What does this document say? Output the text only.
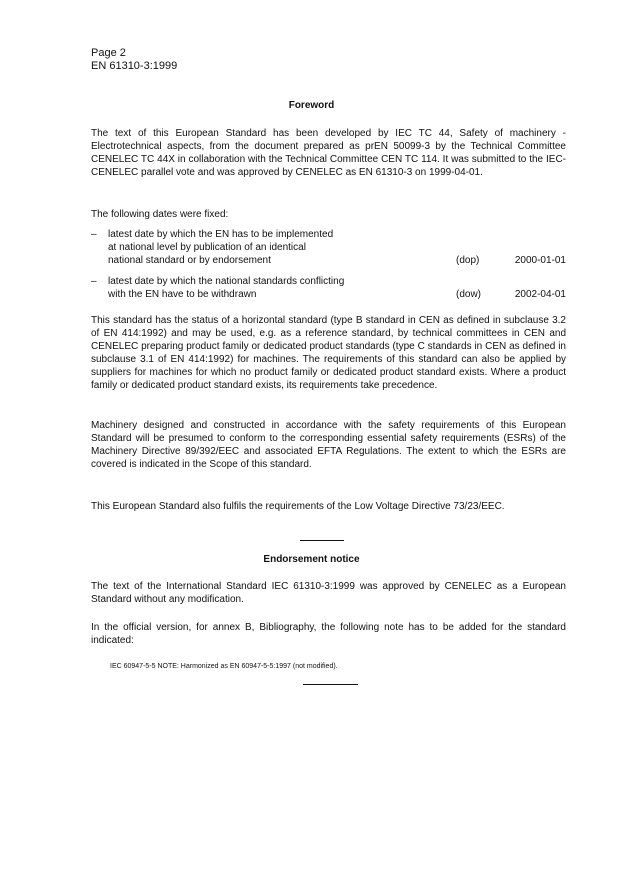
Page 2
EN 61310-3:1999
Foreword
The text of this European Standard has been developed by IEC TC 44, Safety of machinery - Electrotechnical aspects, from the document prepared as prEN 50099-3 by the Technical Committee CENELEC TC 44X in collaboration with the Technical Committee CEN TC 114. It was submitted to the IEC-CENELEC parallel vote and was approved by CENELEC as EN 61310-3 on 1999-04-01.
The following dates were fixed:
– latest date by which the EN has to be implemented
at national level by publication of an identical
national standard or by endorsement	(dop)	2000-01-01
– latest date by which the national standards conflicting
with the EN have to be withdrawn	(dow)	2002-04-01
This standard has the status of a horizontal standard (type B standard in CEN as defined in subclause 3.2 of EN 414:1992) and may be used, e.g. as a reference standard, by technical committees in CEN and CENELEC preparing product family or dedicated product standards (type C standards in CEN as defined in subclause 3.1 of EN 414:1992) for machines. The requirements of this standard can also be applied by suppliers for machines for which no product family or dedicated product standard exists. Where a product family or dedicated product standard exists, its requirements take precedence.
Machinery designed and constructed in accordance with the safety requirements of this European Standard will be presumed to conform to the corresponding essential safety requirements (ESRs) of the Machinery Directive 89/392/EEC and associated EFTA Regulations. The extent to which the ESRs are covered is indicated in the Scope of this standard.
This European Standard also fulfils the requirements of the Low Voltage Directive 73/23/EEC.
Endorsement notice
The text of the International Standard IEC 61310-3:1999 was approved by CENELEC as a European Standard without any modification.
In the official version, for annex B, Bibliography, the following note has to be added for the standard indicated:
IEC 60947-5-5 NOTE: Harmonized as EN 60947-5-5:1997 (not modified).
